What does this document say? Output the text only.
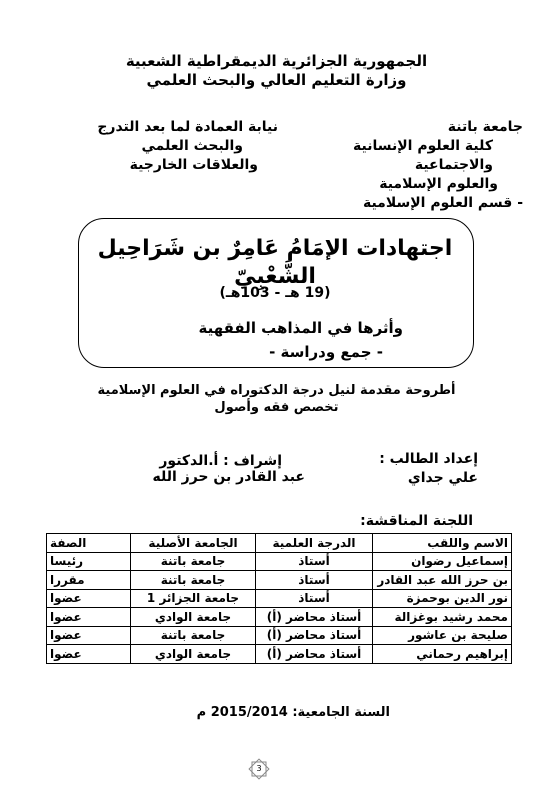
الجمهورية الجزائرية الديمقراطية الشعبية
وزارة التعليم العالي والبحث العلمي
جامعة باتنة
كلية العلوم الإنسانية والاجتماعية
والعلوم الإسلامية
- قسم العلوم الإسلامية
نيابة العمادة لما بعد التدرج
والبحث العلمي
والعلاقات الخارجية
اجتهادات الإمَامُ عَامِرٌ بن شَرَاحِيل الشَّعْبِيّ
(19 هـ - 103هـ)
وأثرها في المذاهب الفقهية
- جمع ودراسة -
أطروحة مقدمة لنيل درجة الدكتوراه في العلوم الإسلامية
تخصص فقه وأصول
إعداد الطالب :
علي جداي
إشراف : أ.الدكتور
عبد القادر بن حرز الله
اللجنة المناقشة:
الاسم واللقب	الدرجة العلمية	الجامعة الأصلية	الصفة
إسماعيل رضوان	أستاذ	جامعة باتنة	رئيسا
بن حرز الله عبد القادر	أستاذ	جامعة باتنة	مقررا
نور الدين بوحمزة	أستاذ	جامعة الجزائر 1	عضوا
محمد رشيد بوغزالة	أستاذ محاضر (أ)	جامعة الوادي	عضوا
صليحة بن عاشور	أستاذ محاضر (أ)	جامعة باتنة	عضوا
إبراهيم رحماني	أستاذ محاضر (أ)	جامعة الوادي	عضوا
السنة الجامعية: 2015/2014 م
3
